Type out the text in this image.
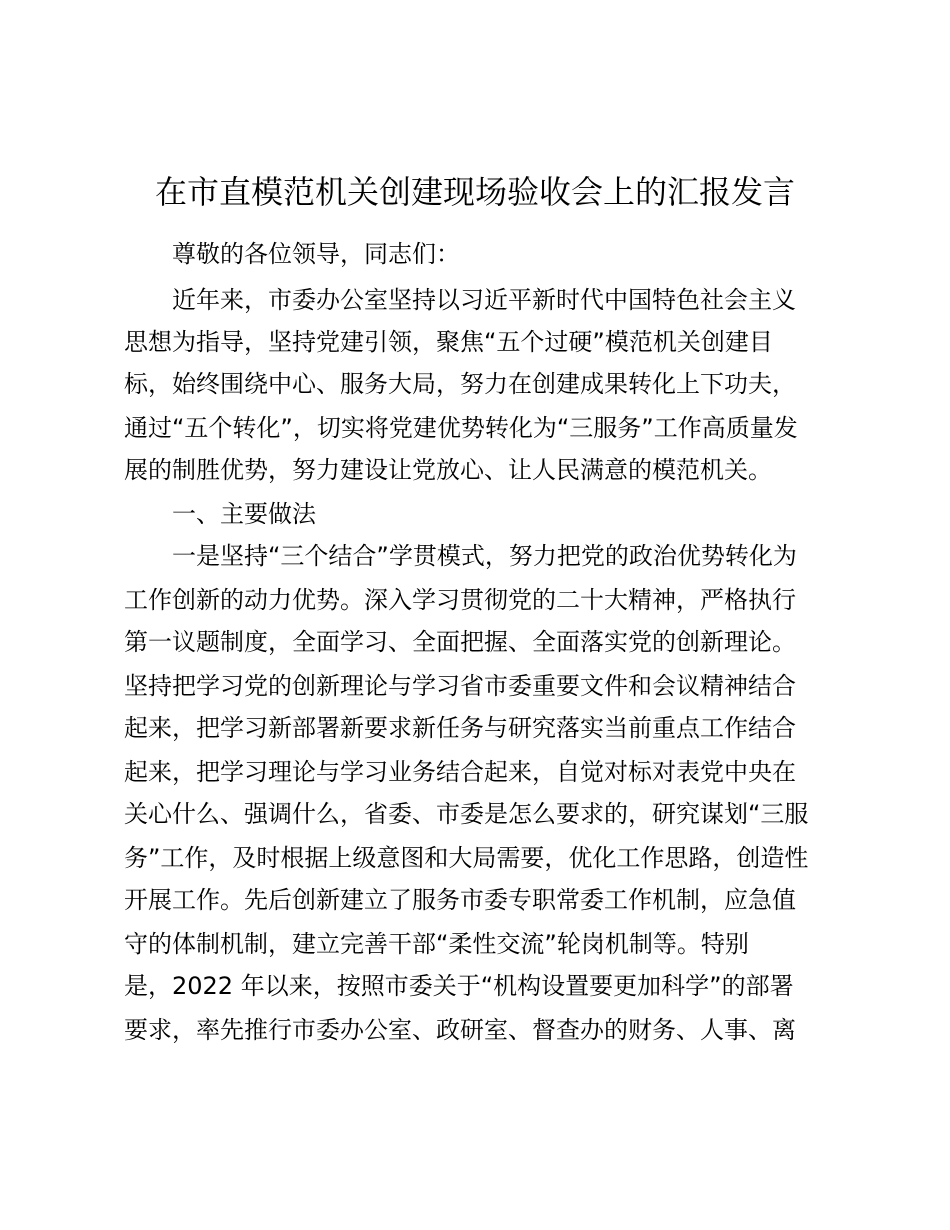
在市直模范机关创建现场验收会上的汇报发言
尊敬的各位领导，同志们：
近年来，市委办公室坚持以习近平新时代中国特色社会主义
思想为指导，坚持党建引领，聚焦“五个过硬”模范机关创建目
标，始终围绕中心、服务大局，努力在创建成果转化上下功夫，
通过“五个转化”，切实将党建优势转化为“三服务”工作高质量发
展的制胜优势，努力建设让党放心、让人民满意的模范机关。
一、主要做法
一是坚持“三个结合”学贯模式，努力把党的政治优势转化为
工作创新的动力优势。深入学习贯彻党的二十大精神，严格执行
第一议题制度，全面学习、全面把握、全面落实党的创新理论。
坚持把学习党的创新理论与学习省市委重要文件和会议精神结合
起来，把学习新部署新要求新任务与研究落实当前重点工作结合
起来，把学习理论与学习业务结合起来，自觉对标对表党中央在
关心什么、强调什么，省委、市委是怎么要求的，研究谋划“三服
务”工作，及时根据上级意图和大局需要，优化工作思路，创造性
开展工作。先后创新建立了服务市委专职常委工作机制，应急值
守的体制机制，建立完善干部“柔性交流”轮岗机制等。特别
是，2022 年以来，按照市委关于“机构设置要更加科学”的部署
要求，率先推行市委办公室、政研室、督查办的财务、人事、离
